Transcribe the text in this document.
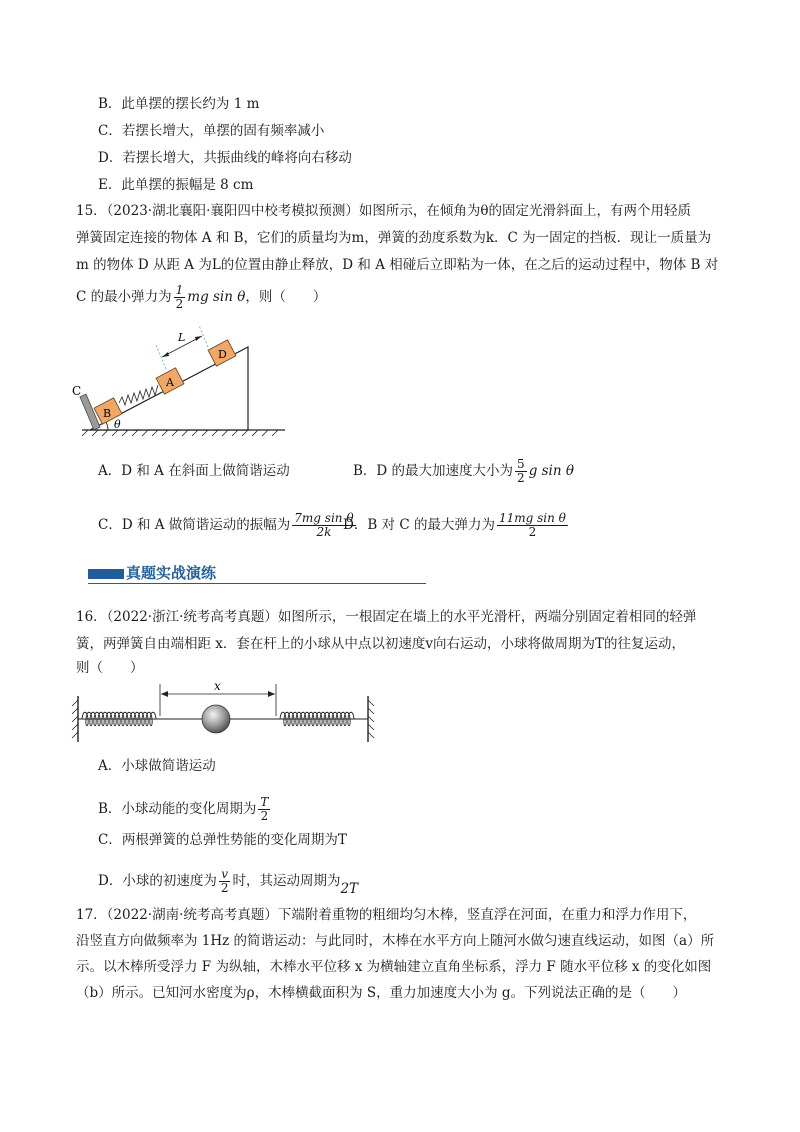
B．此单摆的摆长约为 1 m
C．若摆长增大，单摆的固有频率减小
D．若摆长增大，共振曲线的峰将向右移动
E．此单摆的振幅是 8 cm
15．（2023·湖北襄阳·襄阳四中校考模拟预测）如图所示，在倾角为θ的固定光滑斜面上，有两个用轻质
弹簧固定连接的物体 A 和 B，它们的质量均为m，弹簧的劲度系数为k．C 为一固定的挡板．现让一质量为
m 的物体 D 从距 A 为L的位置由静止释放，D 和 A 相碰后立即粘为一体，在之后的运动过程中，物体 B 对
C 的最小弹力为 $\frac{1}{2}$ mg sin θ，则（　　）
θ
C
B
A
D
L
A．D 和 A 在斜面上做简谐运动	B．D 的最大加速度大小为 $\frac{5}{2}$ g sin θ
C．D 和 A 做简谐运动的振幅为 $\frac{\text{7mg sin θ}}{2k}$
D．B 对 C 的最大弹力为 $\frac{\text{11mg sin θ}}{2}$
真题实战演练
16．（2022·浙江·统考高考真题）如图所示，一根固定在墙上的水平光滑杆，两端分别固定着相同的轻弹
簧，两弹簧自由端相距 x．套在杆上的小球从中点以初速度v向右运动，小球将做周期为T的往复运动，
则（　　）
x
A．小球做简谐运动
B．小球动能的变化周期为 $\frac{T}{2}$
C．两根弹簧的总弹性势能的变化周期为T
D．小球的初速度为 $\frac{v}{2}$ 时，其运动周期为2T
17．（2022·湖南·统考高考真题）下端附着重物的粗细均匀木棒，竖直浮在河面，在重力和浮力作用下，
沿竖直方向做频率为 1Hz 的简谐运动：与此同时，木棒在水平方向上随河水做匀速直线运动，如图（a）所
示。以木棒所受浮力 F 为纵轴，木棒水平位移 x 为横轴建立直角坐标系，浮力 F 随水平位移 x 的变化如图
（b）所示。已知河水密度为ρ，木棒横截面积为 S，重力加速度大小为 g。下列说法正确的是（　　）
